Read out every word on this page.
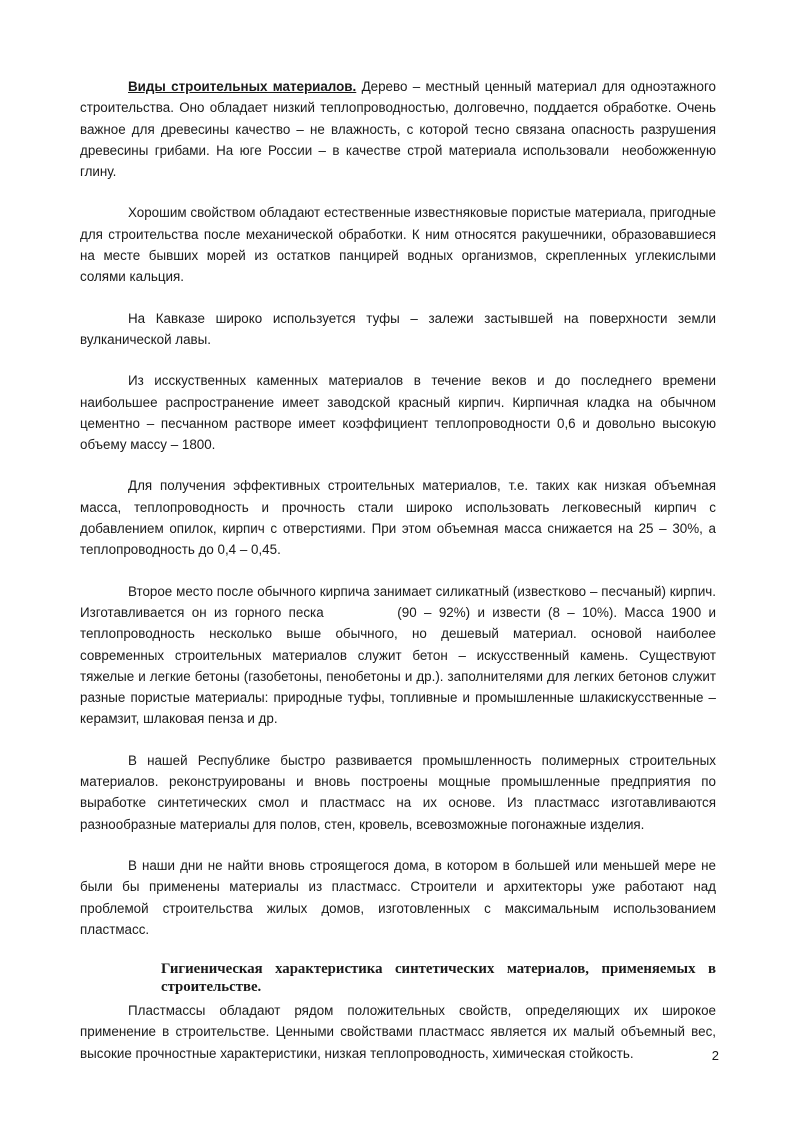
Виды строительных материалов. Дерево – местный ценный материал для одноэтажного строительства. Оно обладает низкий теплопроводностью, долговечно, поддается обработке. Очень важное для древесины качество – не влажность, с которой тесно связана опасность разрушения древесины грибами. На юге России – в качестве строй материала использовали  необожженную глину.

Хорошим свойством обладают естественные известняковые пористые материала, пригодные для строительства после механической обработки. К ним относятся ракушечники, образовавшиеся на месте бывших морей из остатков панцирей водных организмов, скрепленных углекислыми солями кальция.

На Кавказе широко используется туфы – залежи застывшей на поверхности земли вулканической лавы.

Из исскуственных каменных материалов в течение веков и до последнего времени наибольшее распространение имеет заводской красный кирпич. Кирпичная кладка на обычном цементно – песчанном растворе имеет коэффициент теплопроводности 0,6 и довольно высокую объему массу – 1800.

Для получения эффективных строительных материалов, т.е. таких как низкая объемная масса, теплопроводность и прочность стали широко использовать легковесный кирпич с добавлением опилок, кирпич с отверстиями. При этом объемная масса снижается на 25 – 30%, а теплопроводность до 0,4 – 0,45.

Второе место после обычного кирпича занимает силикатный (известково – песчаный) кирпич. Изготавливается он из горного песка          (90 – 92%) и извести (8 – 10%). Масса 1900 и теплопроводность несколько выше обычного, но дешевый материал. основой наиболее современных строительных материалов служит бетон – искусственный камень. Существуют тяжелые и легкие бетоны (газобетоны, пенобетоны и др.). заполнителями для легких бетонов служит разные пористые материалы: природные туфы, топливные и промышленные шлакискусственные – керамзит, шлаковая пенза и др.

В нашей Республике быстро развивается промышленность полимерных строительных материалов. реконструированы и вновь построены мощные промышленные предприятия по выработке синтетических смол и пластмасс на их основе. Из пластмасс изготавливаются разнообразные материалы для полов, стен, кровель, всевозможные погонажные изделия.

В наши дни не найти вновь строящегося дома, в котором в большей или меньшей мере не были бы применены материалы из пластмасс. Строители и архитекторы уже работают над проблемой строительства жилых домов, изготовленных с максимальным использованием пластмасс.

Гигиеническая характеристика синтетических материалов, применяемых в строительстве.

Пластмассы обладают рядом положительных свойств, определяющих их широкое применение в строительстве. Ценными свойствами пластмасс является их малый объемный вес, высокие прочностные характеристики, низкая теплопроводность, химическая стойкость.	2
